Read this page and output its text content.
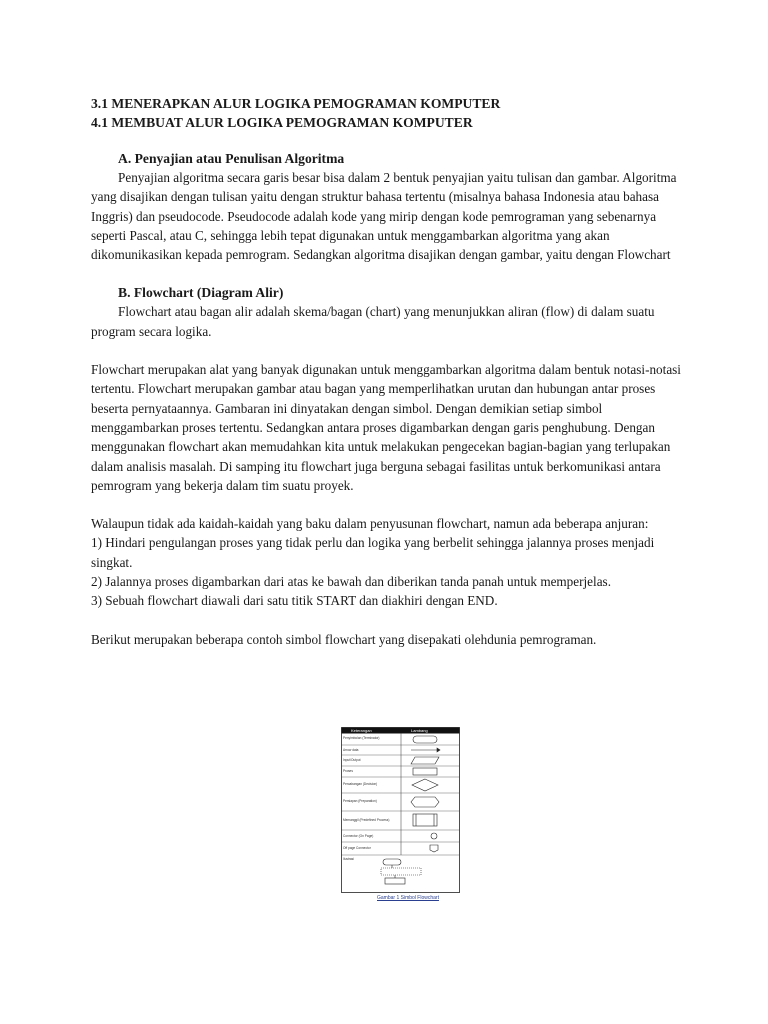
3.1 MENERAPKAN ALUR LOGIKA PEMOGRAMAN KOMPUTER
4.1 MEMBUAT ALUR LOGIKA PEMOGRAMAN KOMPUTER
A. Penyajian atau Penulisan Algoritma

Penyajian algoritma secara garis besar bisa dalam 2 bentuk penyajian yaitu tulisan dan gambar. Algoritma yang disajikan dengan tulisan yaitu dengan struktur bahasa tertentu (misalnya bahasa Indonesia atau bahasa Inggris) dan pseudocode. Pseudocode adalah kode yang mirip dengan kode pemrograman yang sebenarnya seperti Pascal, atau C, sehingga lebih tepat digunakan untuk menggambarkan algoritma yang akan dikomunikasikan kepada pemrogram. Sedangkan algoritma disajikan dengan gambar, yaitu dengan Flowchart

B. Flowchart (Diagram Alir)

Flowchart atau bagan alir adalah skema/bagan (chart) yang menunjukkan aliran (flow) di dalam suatu program secara logika.

Flowchart merupakan alat yang banyak digunakan untuk menggambarkan algoritma dalam bentuk notasi-notasi tertentu. Flowchart merupakan gambar atau bagan yang memperlihatkan urutan dan hubungan antar proses beserta pernyataannya. Gambaran ini dinyatakan dengan simbol. Dengan demikian setiap simbol menggambarkan proses tertentu. Sedangkan antara proses digambarkan dengan garis penghubung. Dengan menggunakan flowchart akan memudahkan kita untuk melakukan pengecekan bagian-bagian yang terlupakan dalam analisis masalah. Di samping itu flowchart juga berguna sebagai fasilitas untuk berkomunikasi antara pemrogram yang bekerja dalam tim suatu proyek.

Walaupun tidak ada kaidah-kaidah yang baku dalam penyusunan flowchart, namun ada beberapa anjuran:

1) Hindari pengulangan proses yang tidak perlu dan logika yang berbelit sehingga jalannya proses menjadi singkat.

2) Jalannya proses digambarkan dari atas ke bawah dan diberikan tanda panah untuk memperjelas.

3) Sebuah flowchart diawali dari satu titik START dan diakhiri dengan END.

Berikut merupakan beberapa contoh simbol flowchart yang disepakati olehdunia pemrograman.

Keterangan	Lambang
Penyimbolan (Terminator)
Arrow data
Input/Output
Proses
Percabangan (Decision)
Persiapan (Preparation)
Memanggil (Predefined Process)
Connector (On Page)
Off page Connector
Ilustrasi
Gambar 1 Simbol Flowchart
